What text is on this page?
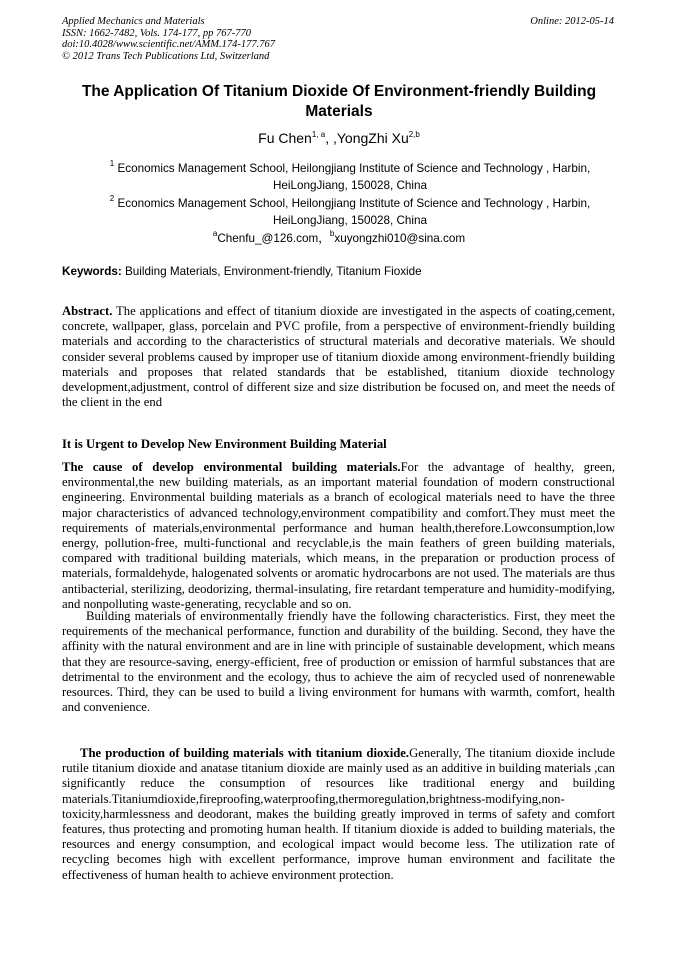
Applied Mechanics and Materials
ISSN: 1662-7482, Vols. 174-177, pp 767-770
doi:10.4028/www.scientific.net/AMM.174-177.767
© 2012 Trans Tech Publications Ltd, Switzerland
Online: 2012-05-14
The Application Of Titanium Dioxide Of Environment-friendly Building Materials
Fu Chen$^{1, a}$, ,YongZhi Xu$^{2,b}$
$^1$ Economics Management School, Heilongjiang Institute of Science and Technology , Harbin, HeiLongJiang, 150028, China
$^2$ Economics Management School, Heilongjiang Institute of Science and Technology , Harbin, HeiLongJiang, 150028, China
$^a$Chenfu_@126.com，$^b$xuyongzhi010@sina.com
Keywords: Building Materials, Environment-friendly, Titanium Fioxide

Abstract. The applications and effect of titanium dioxide are investigated in the aspects of coating,cement, concrete, wallpaper, glass, porcelain and PVC profile, from a perspective of environment-friendly building materials and according to the characteristics of structural materials and decorative materials. We should consider several problems caused by improper use of titanium dioxide among environment-friendly building materials and proposes that related standards that be established, titanium dioxide technology development,adjustment, control of different size and size distribution be focused on, and meet the needs of the client in the end

It is Urgent to Develop New Environment Building Material

The cause of develop environmental building materials.For the advantage of healthy, green, environmental,the new building materials, as an important material foundation of modern constructional engineering. Environmental building materials as a branch of ecological materials need to have the three major characteristics of advanced technology,environment compatibility and comfort.They must meet the requirements of materials,environmental performance and human health,therefore.Lowconsumption,low energy, pollution-free, multi-functional and recyclable,is the main feathers of green building materials, compared with traditional building materials, which means, in the preparation or production process of materials, formaldehyde, halogenated solvents or aromatic hydrocarbons are not used. The materials are thus antibacterial, sterilizing, deodorizing, thermal-insulating, fire retardant temperature and humidity-modifying, and nonpolluting waste-generating, recyclable and so on.

Building materials of environmentally friendly have the following characteristics. First, they meet the requirements of the mechanical performance, function and durability of the building. Second, they have the affinity with the natural environment and are in line with principle of sustainable development, which means that they are resource-saving, energy-efficient, free of production or emission of harmful substances that are detrimental to the environment and the ecology, thus to achieve the aim of recycled used of nonrenewable resources. Third, they can be used to build a living environment for humans with warmth, comfort, health and convenience.

The production of building materials with titanium dioxide.Generally, The titanium dioxide include rutile titanium dioxide and anatase titanium dioxide are mainly used as an additive in building materials ,can significantly reduce the consumption of resources like traditional energy and building materials.Titaniumdioxide,fireproofing,waterproofing,thermoregulation,brightness-modifying,non-toxicity,harmlessness and deodorant, makes the building greatly improved in terms of safety and comfort features, thus protecting and promoting human health. If titanium dioxide is added to building materials, the resources and energy consumption, and ecological impact would become less. The utilization rate of recycling becomes high with excellent performance, improve human environment and facilitate the effectiveness of human health to achieve environment protection.
